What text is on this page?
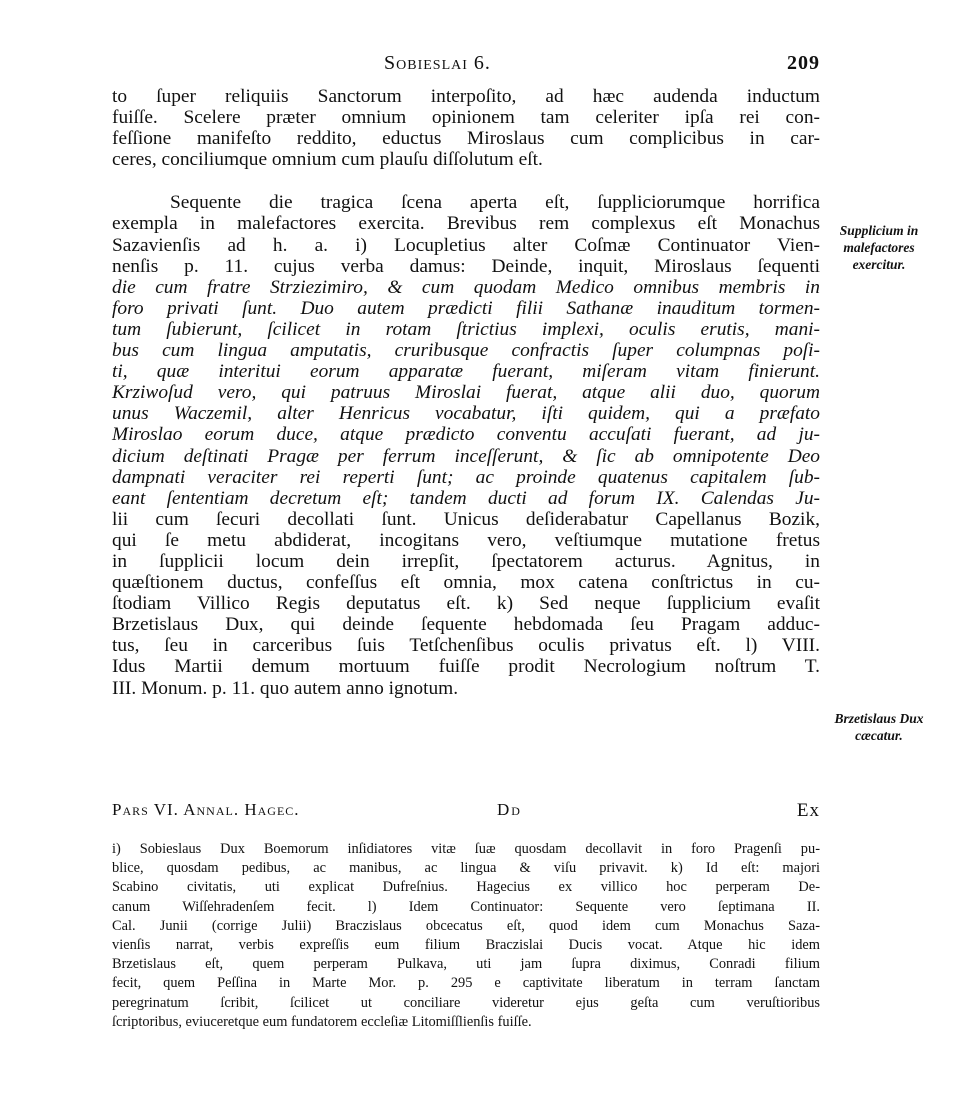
Sobieslai 6.	209

to ſuper reliquiis Sanctorum interpoſito, ad hæc audenda inductum
fuiſſe. Scelere præter omnium opinionem tam celeriter ipſa rei con-
feſſione manifeſto reddito, eductus Miroslaus cum complicibus in car-
ceres, conciliumque omnium cum plauſu diſſolutum eſt.

Sequente die tragica ſcena aperta eſt, ſuppliciorumque horrifica
exempla in malefactores exercita. Brevibus rem complexus eſt Monachus
Sazavienſis ad h. a. i) Locupletius alter Coſmæ Continuator Vien-
nenſis p. 11. cujus verba damus: Deinde, inquit, Miroslaus ſequenti
die cum fratre Strziezimiro, & cum quodam Medico omnibus membris in
foro privati ſunt. Duo autem prædicti filii Sathanæ inauditum tormen-
tum ſubierunt, ſcilicet in rotam ſtrictius implexi, oculis erutis, mani-
bus cum lingua amputatis, cruribusque confractis ſuper columpnas poſi-
ti, quæ interitui eorum apparatæ fuerant, miſeram vitam finierunt.
Krziwoſud vero, qui patruus Miroslai fuerat, atque alii duo, quorum
unus Waczemil, alter Henricus vocabatur, iſti quidem, qui a præfato
Miroslao eorum duce, atque prædicto conventu accuſati fuerant, ad ju-
dicium deſtinati Pragæ per ferrum inceſſerunt, & ſic ab omnipotente Deo
dampnati veraciter rei reperti ſunt; ac proinde quatenus capitalem ſub-
eant ſententiam decretum eſt; tandem ducti ad forum IX. Calendas Ju-
lii cum ſecuri decollati ſunt. Unicus deſiderabatur Capellanus Bozik,
qui ſe metu abdiderat, incogitans vero, veſtiumque mutatione fretus
in ſupplicii locum dein irrepſit, ſpectatorem acturus. Agnitus, in
quæſtionem ductus, confeſſus eſt omnia, mox catena conſtrictus in cu-
ſtodiam Villico Regis deputatus eſt. k) Sed neque ſupplicium evaſit
Brzetislaus Dux, qui deinde ſequente hebdomada ſeu Pragam adduc-
tus, ſeu in carceribus ſuis Tetſchenſibus oculis privatus eſt. l) VIII.
Idus Martii demum mortuum fuiſſe prodit Necrologium noſtrum T.
III. Monum. p. 11. quo autem anno ignotum.

Supplicium in malefactores exercitur.
Brzetislaus Dux cæcatur.
Pars VI. Annal. Hagec.	Dd	Ex
i) Sobieslaus Dux Boemorum inſidiatores vitæ ſuæ quosdam decollavit in foro Pragenſi pu-
blice, quosdam pedibus, ac manibus, ac lingua & viſu privavit. k) Id eſt: majori
Scabino civitatis, uti explicat Dufreſnius. Hagecius ex villico hoc perperam De-
canum Wiſſehradenſem fecit. l) Idem Continuator: Sequente vero ſeptimana II.
Cal. Junii (corrige Julii) Braczislaus obcecatus eſt, quod idem cum Monachus Saza-
vienſis narrat, verbis expreſſis eum filium Braczislai Ducis vocat. Atque hic idem
Brzetislaus eſt, quem perperam Pulkava, uti jam ſupra diximus, Conradi filium
fecit, quem Peſſina in Marte Mor. p. 295 e captivitate liberatum in terram ſanctam
peregrinatum ſcribit, ſcilicet ut conciliare videretur ejus geſta cum veruſtioribus
ſcriptoribus, eviuceretque eum fundatorem eccleſiæ Litomiſſlienſis fuiſſe.
